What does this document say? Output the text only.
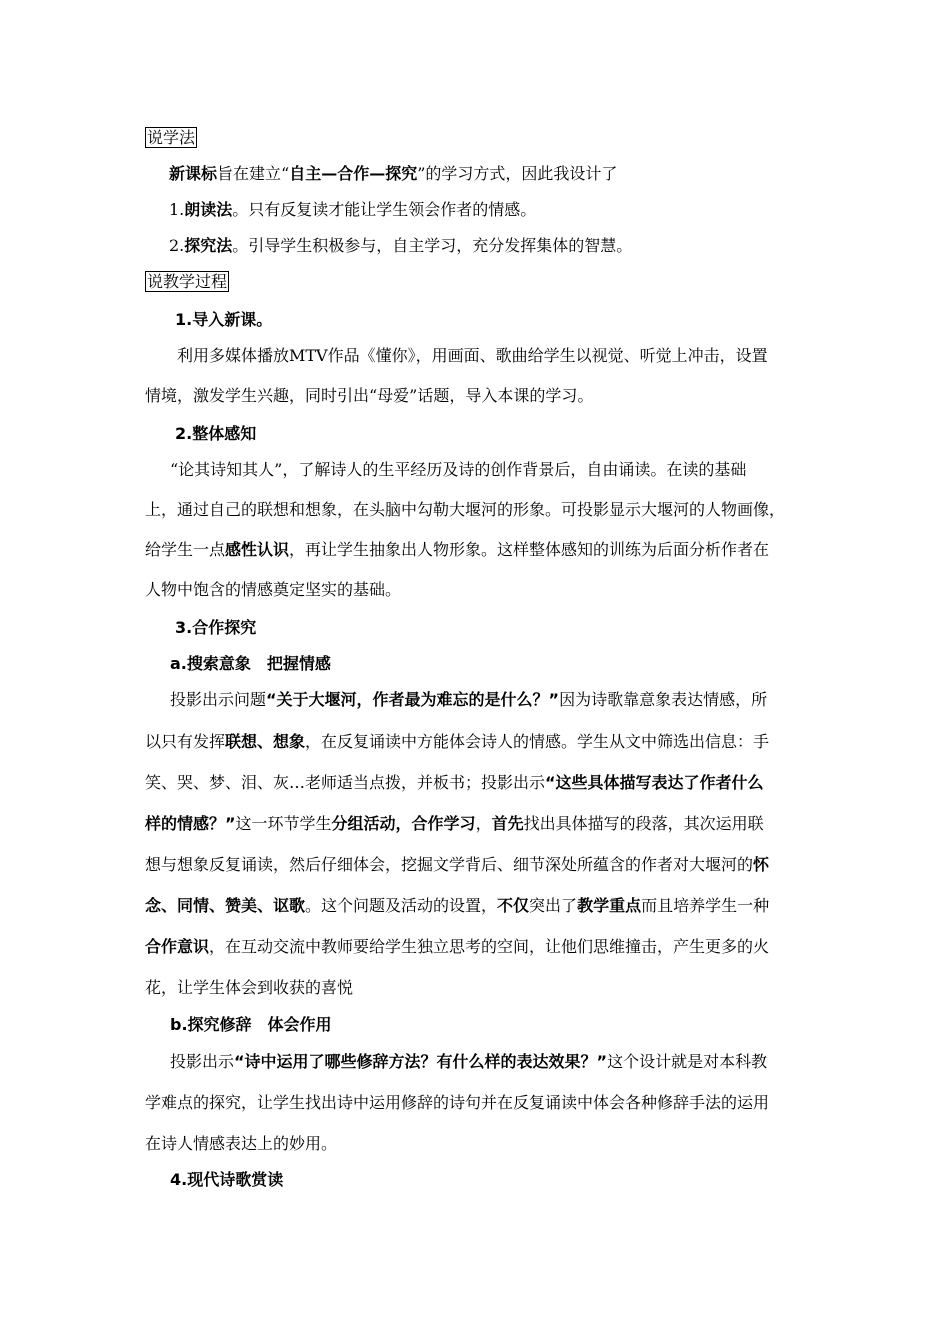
说学法
新课标旨在建立“自主—合作—探究”的学习方式，因此我设计了
1.朗读法。只有反复读才能让学生领会作者的情感。
2.探究法。引导学生积极参与，自主学习，充分发挥集体的智慧。
说教学过程
1.导入新课。
利用多媒体播放MTV作品《懂你》，用画面、歌曲给学生以视觉、听觉上冲击，设置
情境，激发学生兴趣，同时引出“母爱”话题，导入本课的学习。
2.整体感知
“论其诗知其人”，了解诗人的生平经历及诗的创作背景后，自由诵读。在读的基础
上，通过自己的联想和想象，在头脑中勾勒大堰河的形象。可投影显示大堰河的人物画像，
给学生一点感性认识，再让学生抽象出人物形象。这样整体感知的训练为后面分析作者在
人物中饱含的情感奠定坚实的基础。
3.合作探究
a.搜索意象　把握情感
投影出示问题“关于大堰河，作者最为难忘的是什么？”因为诗歌靠意象表达情感，所
以只有发挥联想、想象，在反复诵读中方能体会诗人的情感。学生从文中筛选出信息：手
笑、哭、梦、泪、灰…老师适当点拨，并板书；投影出示“这些具体描写表达了作者什么
样的情感？”这一环节学生分组活动，合作学习，首先找出具体描写的段落，其次运用联
想与想象反复诵读，然后仔细体会，挖掘文学背后、细节深处所蕴含的作者对大堰河的怀
念、同情、赞美、讴歌。这个问题及活动的设置，不仅突出了教学重点而且培养学生一种
合作意识，在互动交流中教师要给学生独立思考的空间，让他们思维撞击，产生更多的火
花，让学生体会到收获的喜悦
b.探究修辞　体会作用
投影出示“诗中运用了哪些修辞方法？有什么样的表达效果？”这个设计就是对本科教
学难点的探究，让学生找出诗中运用修辞的诗句并在反复诵读中体会各种修辞手法的运用
在诗人情感表达上的妙用。
4.现代诗歌赏读
